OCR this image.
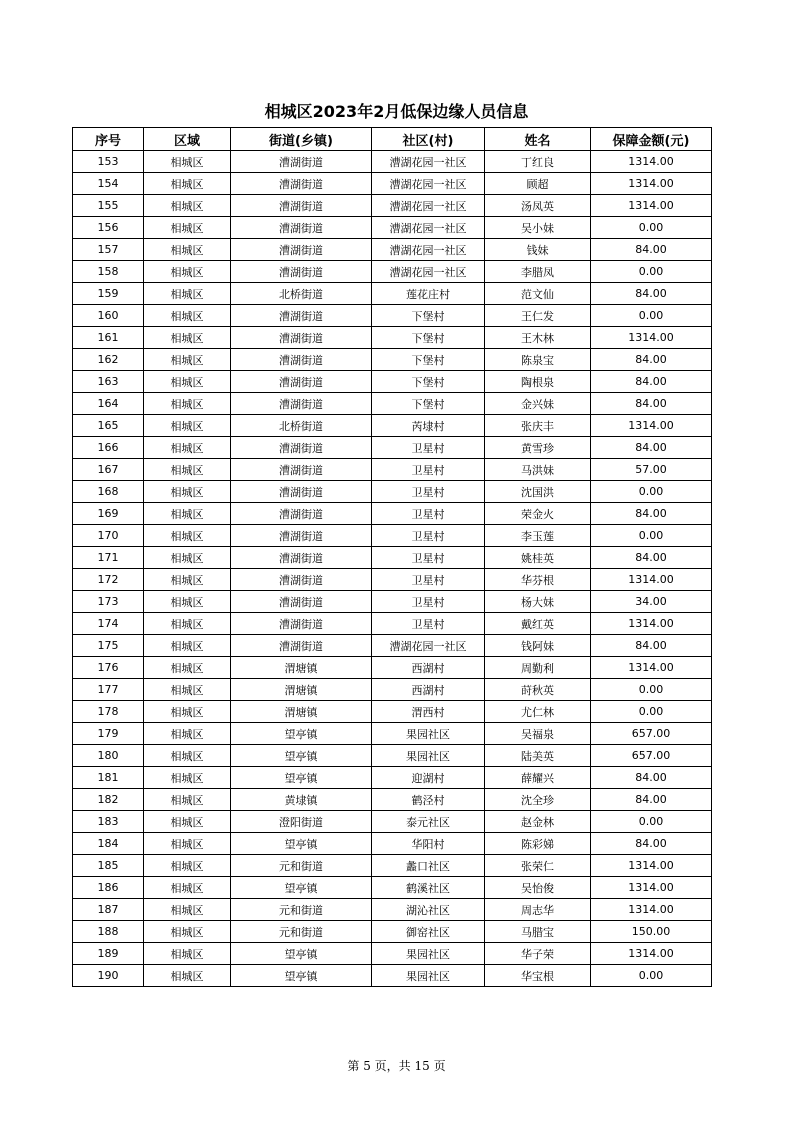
相城区2023年2月低保边缘人员信息
序号	区域	街道(乡镇)	社区(村)	姓名	保障金额(元)
153	相城区	漕湖街道	漕湖花园一社区	丁红良	1314.00
154	相城区	漕湖街道	漕湖花园一社区	顾超	1314.00
155	相城区	漕湖街道	漕湖花园一社区	汤凤英	1314.00
156	相城区	漕湖街道	漕湖花园一社区	吴小妹	0.00
157	相城区	漕湖街道	漕湖花园一社区	钱妹	84.00
158	相城区	漕湖街道	漕湖花园一社区	李腊凤	0.00
159	相城区	北桥街道	莲花庄村	范文仙	84.00
160	相城区	漕湖街道	下堡村	王仁发	0.00
161	相城区	漕湖街道	下堡村	王木林	1314.00
162	相城区	漕湖街道	下堡村	陈泉宝	84.00
163	相城区	漕湖街道	下堡村	陶根泉	84.00
164	相城区	漕湖街道	下堡村	金兴妹	84.00
165	相城区	北桥街道	芮埭村	张庆丰	1314.00
166	相城区	漕湖街道	卫星村	黄雪珍	84.00
167	相城区	漕湖街道	卫星村	马洪妹	57.00
168	相城区	漕湖街道	卫星村	沈国洪	0.00
169	相城区	漕湖街道	卫星村	荣金火	84.00
170	相城区	漕湖街道	卫星村	李玉莲	0.00
171	相城区	漕湖街道	卫星村	姚桂英	84.00
172	相城区	漕湖街道	卫星村	华芬根	1314.00
173	相城区	漕湖街道	卫星村	杨大妹	34.00
174	相城区	漕湖街道	卫星村	戴红英	1314.00
175	相城区	漕湖街道	漕湖花园一社区	钱阿妹	84.00
176	相城区	渭塘镇	西湖村	周勤利	1314.00
177	相城区	渭塘镇	西湖村	莳秋英	0.00
178	相城区	渭塘镇	渭西村	尤仁林	0.00
179	相城区	望亭镇	果园社区	吴福泉	657.00
180	相城区	望亭镇	果园社区	陆美英	657.00
181	相城区	望亭镇	迎湖村	薛耀兴	84.00
182	相城区	黄埭镇	鹤泾村	沈全珍	84.00
183	相城区	澄阳街道	泰元社区	赵金林	0.00
184	相城区	望亭镇	华阳村	陈彩娣	84.00
185	相城区	元和街道	蠡口社区	张荣仁	1314.00
186	相城区	望亭镇	鹤溪社区	吴怡俊	1314.00
187	相城区	元和街道	湖沁社区	周志华	1314.00
188	相城区	元和街道	御窑社区	马腊宝	150.00
189	相城区	望亭镇	果园社区	华子荣	1314.00
190	相城区	望亭镇	果园社区	华宝根	0.00
第 5 页，共 15 页
